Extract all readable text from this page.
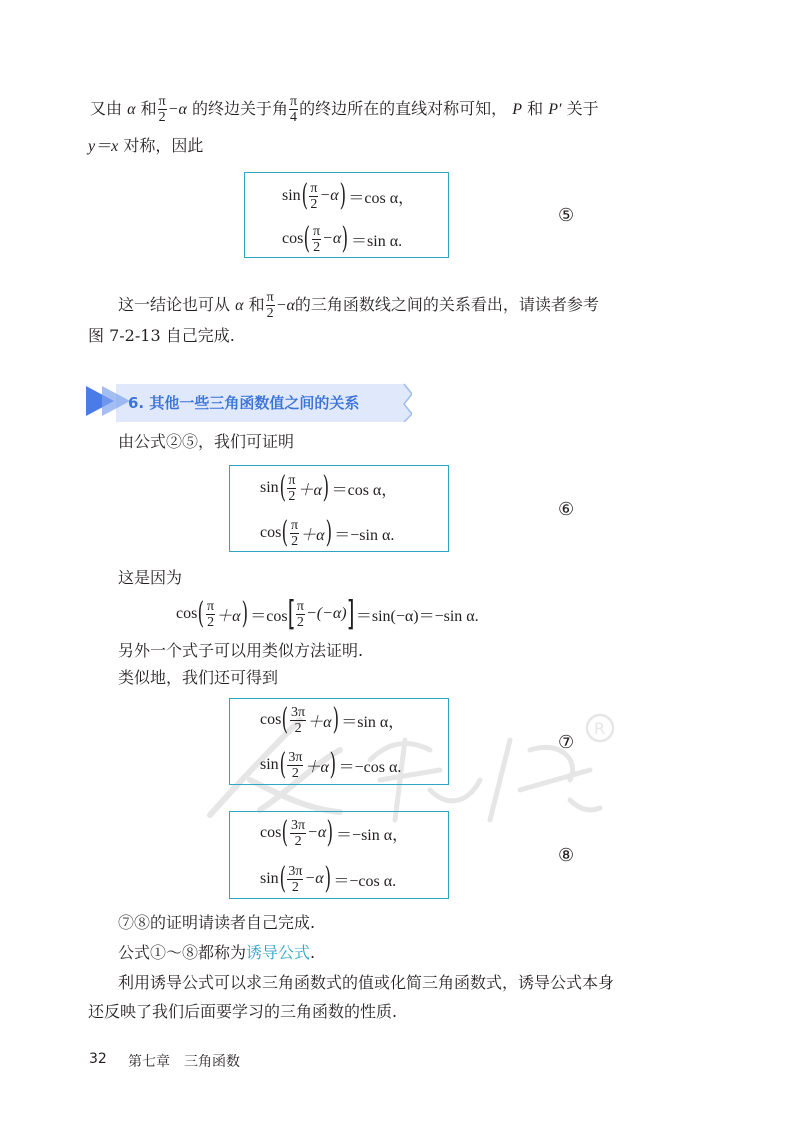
又由 α 和 $\frac{\pi}{2} -\alpha$ 的终边关于角 $\frac{\pi}{4}$ 的终边所在的直线对称可知， P 和 P′ 关于
y＝x 对称，因此
sin ( $\frac{\pi}{2} -\alpha$ ) ＝cos α，
cos ( $\frac{\pi}{2} -\alpha$ ) ＝sin α.
⑤
这一结论也可从 α 和 $\frac{\pi}{2} -\alpha$的三角函数线之间的关系看出，请读者参考
图 7-2-13 自己完成.
6. 其他一些三角函数值之间的关系
由公式②⑤，我们可证明
sin ( $\frac{\pi}{2} +\alpha$ ) ＝cos α，
cos ( $\frac{\pi}{2} +\alpha$ ) ＝−sin α.
⑥
这是因为
cos ( $\frac{\pi}{2} +\alpha$ ) ＝cos [ $\frac{\pi}{2} -(-\alpha)$ ] ＝sin(−α)＝−sin α.
另外一个式子可以用类似方法证明.
类似地，我们还可得到
R
cos ( $\frac{3\pi}{2} +\alpha$ ) ＝sin α，
sin ( $\frac{3\pi}{2} +\alpha$ ) ＝−cos α.
⑦
cos ( $\frac{3\pi}{2} -\alpha$ ) ＝−sin α，
sin ( $\frac{3\pi}{2} -\alpha$ ) ＝−cos α.
⑧
⑦⑧的证明请读者自己完成.
公式①～⑧都称为诱导公式.
利用诱导公式可以求三角函数式的值或化简三角函数式，诱导公式本身
还反映了我们后面要学习的三角函数的性质.
32 第七章　三角函数
